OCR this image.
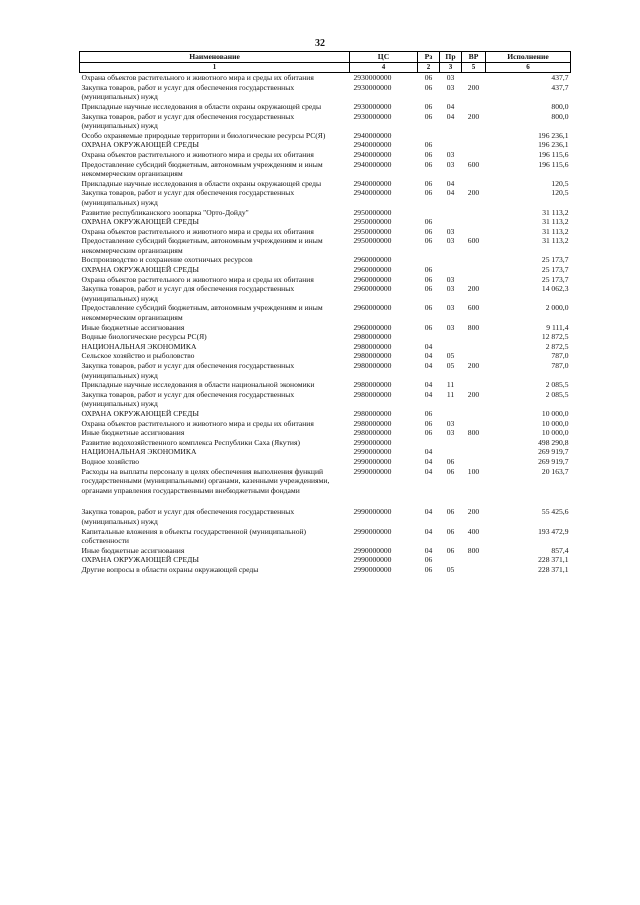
32
Наименование	ЦС	Рз	Пр	ВР	Исполнение
1	4	2	3	5	6
Охрана объектов растительного и животного мира и среды их обитания	2930000000	06	03		437,7
Закупка товаров, работ и услуг для обеспечения государственных (муниципальных) нужд	2930000000	06	03	200	437,7
Прикладные научные исследования в области охраны окружающей среды	2930000000	06	04		800,0
Закупка товаров, работ и услуг для обеспечения государственных (муниципальных) нужд	2930000000	06	04	200	800,0
Особо охраняемые природные территории и биологические ресурсы РС(Я)	2940000000				196 236,1
ОХРАНА ОКРУЖАЮЩЕЙ СРЕДЫ	2940000000	06			196 236,1
Охрана объектов растительного и животного мира и среды их обитания	2940000000	06	03		196 115,6
Предоставление субсидий бюджетным, автономным учреждениям и иным некоммерческим организациям	2940000000	06	03	600	196 115,6
Прикладные научные исследования в области охраны окружающей среды	2940000000	06	04		120,5
Закупка товаров, работ и услуг для обеспечения государственных (муниципальных) нужд	2940000000	06	04	200	120,5
Развитие республиканского зоопарка "Орто-Дойду"	2950000000				31 113,2
ОХРАНА ОКРУЖАЮЩЕЙ СРЕДЫ	2950000000	06			31 113,2
Охрана объектов растительного и животного мира и среды их обитания	2950000000	06	03		31 113,2
Предоставление субсидий бюджетным, автономным учреждениям и иным некоммерческим организациям	2950000000	06	03	600	31 113,2
Воспроизводство и сохранение охотничьих ресурсов	2960000000				25 173,7
ОХРАНА ОКРУЖАЮЩЕЙ СРЕДЫ	2960000000	06			25 173,7
Охрана объектов растительного и животного мира и среды их обитания	2960000000	06	03		25 173,7
Закупка товаров, работ и услуг для обеспечения государственных (муниципальных) нужд	2960000000	06	03	200	14 062,3
Предоставление субсидий бюджетным, автономным учреждениям и иным некоммерческим организациям	2960000000	06	03	600	2 000,0
Иные бюджетные ассигнования	2960000000	06	03	800	9 111,4
Водные биологические ресурсы РС(Я)	2980000000				12 872,5
НАЦИОНАЛЬНАЯ ЭКОНОМИКА	2980000000	04			2 872,5
Сельское хозяйство и рыболовство	2980000000	04	05		787,0
Закупка товаров, работ и услуг для обеспечения государственных (муниципальных) нужд	2980000000	04	05	200	787,0
Прикладные научные исследования в области национальной экономики	2980000000	04	11		2 085,5
Закупка товаров, работ и услуг для обеспечения государственных (муниципальных) нужд	2980000000	04	11	200	2 085,5
ОХРАНА ОКРУЖАЮЩЕЙ СРЕДЫ	2980000000	06			10 000,0
Охрана объектов растительного и животного мира и среды их обитания	2980000000	06	03		10 000,0
Иные бюджетные ассигнования	2980000000	06	03	800	10 000,0
Развитие водохозяйственного комплекса Республики Саха (Якутия)	2990000000				498 290,8
НАЦИОНАЛЬНАЯ ЭКОНОМИКА	2990000000	04			269 919,7
Водное хозяйство	2990000000	04	06		269 919,7
Расходы на выплаты персоналу в целях обеспечения выполнения функций государственными (муниципальными) органами, казенными учреждениями, органами управления государственными внебюджетными фондами	2990000000	04	06	100	20 163,7
Закупка товаров, работ и услуг для обеспечения государственных (муниципальных) нужд	2990000000	04	06	200	55 425,6
Капитальные вложения в объекты государственной (муниципальной) собственности	2990000000	04	06	400	193 472,9
Иные бюджетные ассигнования	2990000000	04	06	800	857,4
ОХРАНА ОКРУЖАЮЩЕЙ СРЕДЫ	2990000000	06			228 371,1
Другие вопросы в области охраны окружающей среды	2990000000	06	05		228 371,1
